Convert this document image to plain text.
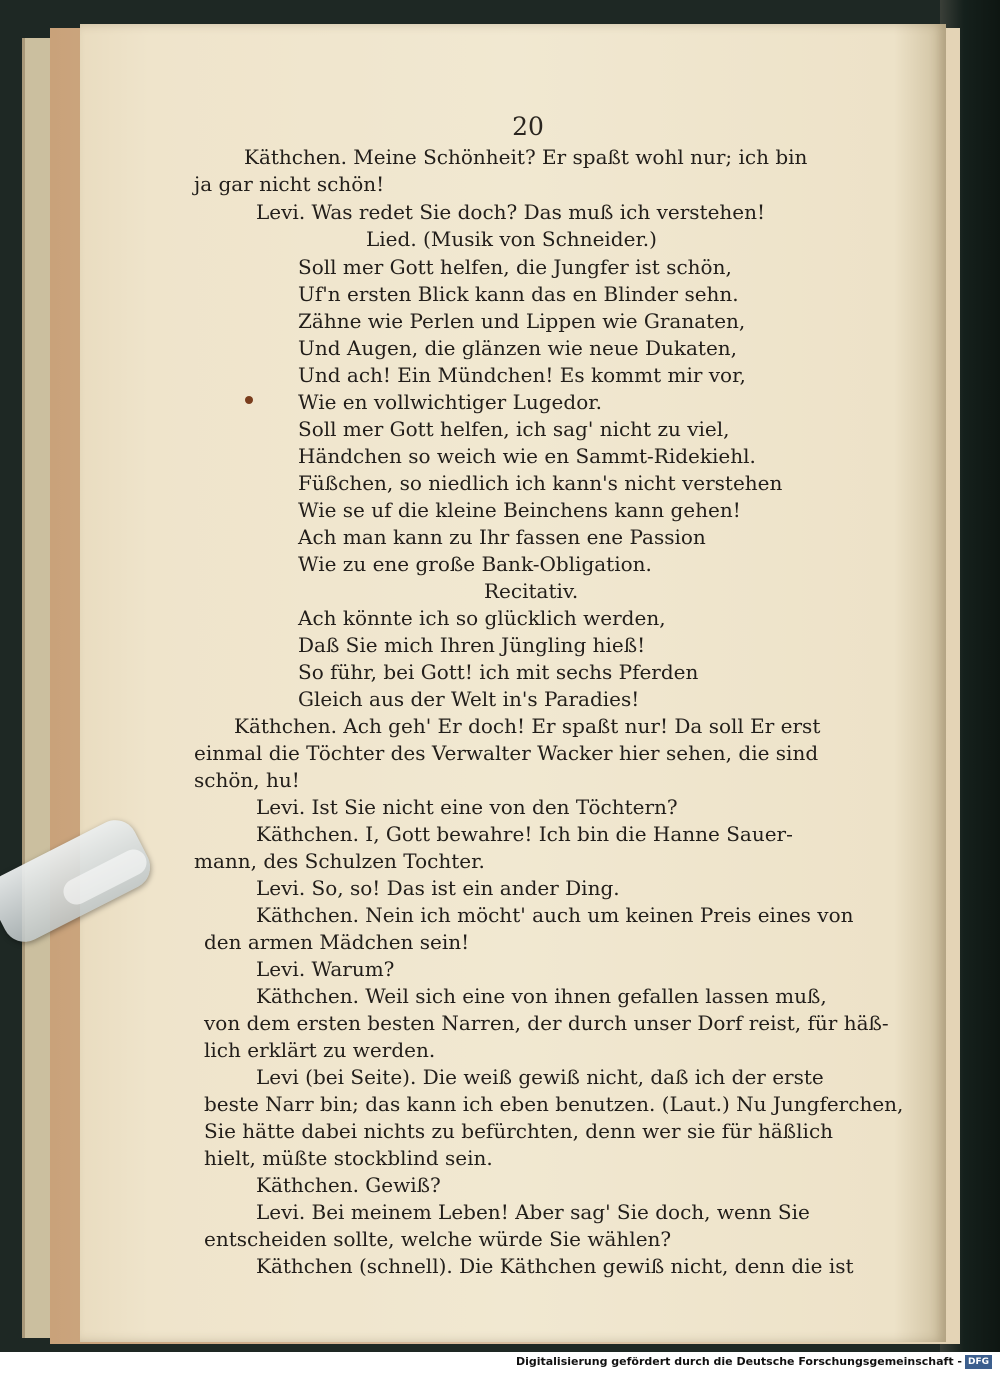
20
Käthchen. Meine Schönheit? Er spaßt wohl nur; ich bin
ja gar nicht schön!
Levi. Was redet Sie doch? Das muß ich verstehen!
Lied. (Musik von Schneider.)
Soll mer Gott helfen, die Jungfer ist schön,
Uf'n ersten Blick kann das en Blinder sehn.
Zähne wie Perlen und Lippen wie Granaten,
Und Augen, die glänzen wie neue Dukaten,
Und ach! Ein Mündchen! Es kommt mir vor,
Wie en vollwichtiger Lugedor.
Soll mer Gott helfen, ich sag' nicht zu viel,
Händchen so weich wie en Sammt-Ridekiehl.
Füßchen, so niedlich ich kann's nicht verstehen
Wie se uf die kleine Beinchens kann gehen!
Ach man kann zu Ihr fassen ene Passion
Wie zu ene große Bank-Obligation.
Recitativ.
Ach könnte ich so glücklich werden,
Daß Sie mich Ihren Jüngling hieß!
So führ, bei Gott! ich mit sechs Pferden
Gleich aus der Welt in's Paradies!
Käthchen. Ach geh' Er doch! Er spaßt nur! Da soll Er erst
einmal die Töchter des Verwalter Wacker hier sehen, die sind
schön, hu!
Levi. Ist Sie nicht eine von den Töchtern?
Käthchen. I, Gott bewahre! Ich bin die Hanne Sauer-
mann, des Schulzen Tochter.
Levi. So, so! Das ist ein ander Ding.
Käthchen. Nein ich möcht' auch um keinen Preis eines von
den armen Mädchen sein!
Levi. Warum?
Käthchen. Weil sich eine von ihnen gefallen lassen muß,
von dem ersten besten Narren, der durch unser Dorf reist, für häß-
lich erklärt zu werden.
Levi (bei Seite). Die weiß gewiß nicht, daß ich der erste
beste Narr bin; das kann ich eben benutzen. (Laut.) Nu Jungferchen,
Sie hätte dabei nichts zu befürchten, denn wer sie für häßlich
hielt, müßte stockblind sein.
Käthchen. Gewiß?
Levi. Bei meinem Leben! Aber sag' Sie doch, wenn Sie
entscheiden sollte, welche würde Sie wählen?
Käthchen (schnell). Die Käthchen gewiß nicht, denn die ist
Digitalisierung gefördert durch die Deutsche Forschungsgemeinschaft - DFG
